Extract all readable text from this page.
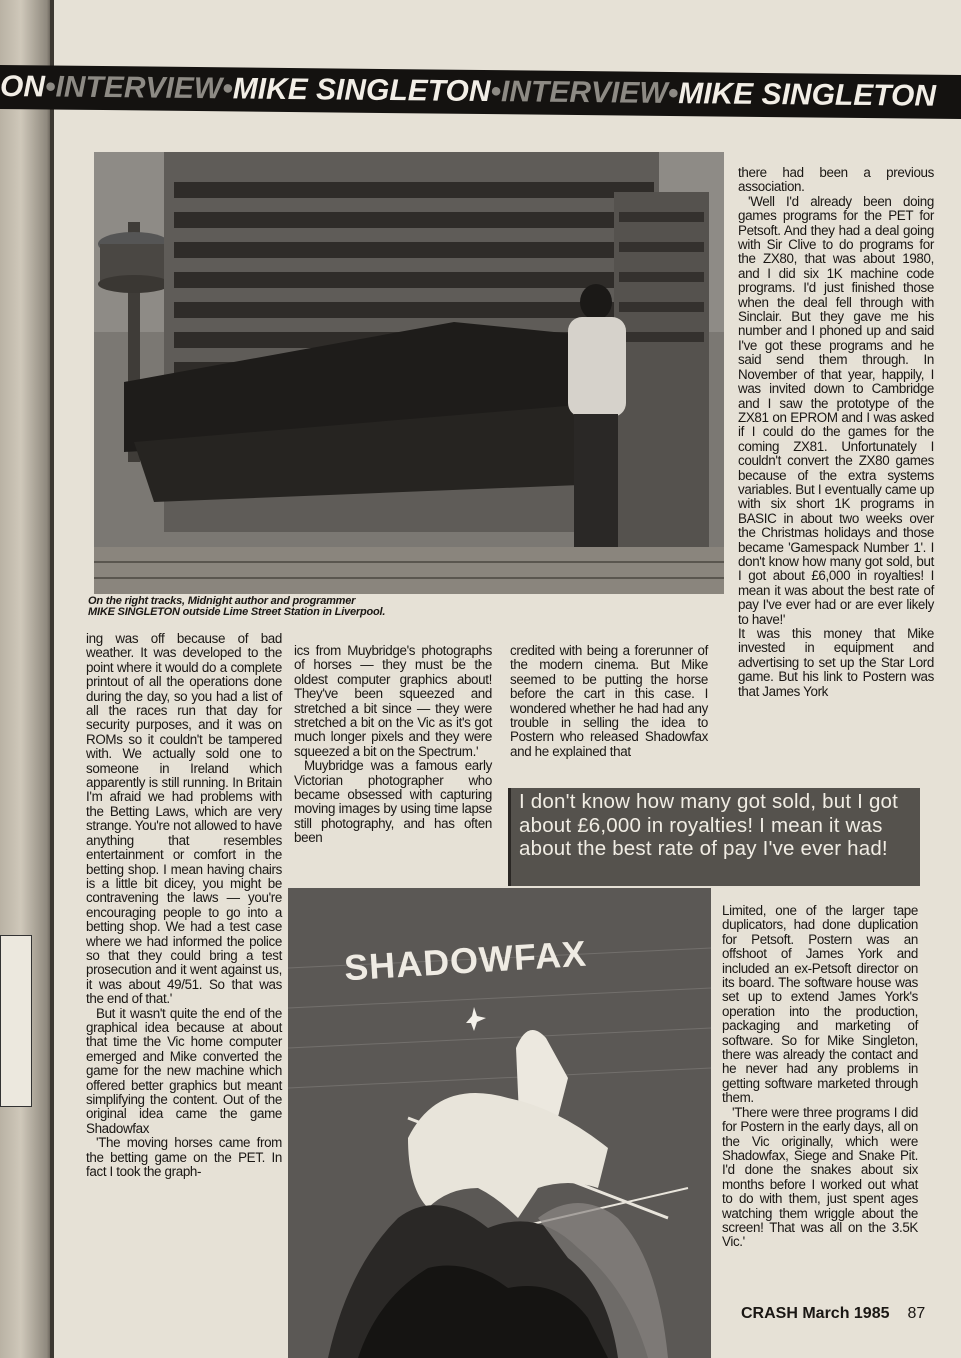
ON•INTERVIEW•MIKE SINGLETON•INTERVIEW•MIKE SINGLETON
On the right tracks, Midnight author and programmer
MIKE SINGLETON outside Lime Street Station in Liverpool.

ing was off because of bad weather. It was developed to the point where it would do a complete printout of all the operations done during the day, so you had a list of all the races run that day for security purposes, and it was on ROMs so it couldn't be tampered with. We actually sold one to someone in Ireland which apparently is still running. In Britain I'm afraid we had problems with the Betting Laws, which are very strange. You're not allowed to have anything that resembles entertainment or comfort in the betting shop. I mean having chairs is a little bit dicey, you might be contravening the laws — you're encouraging people to go into a betting shop. We had a test case where we had informed the police so that they could bring a test prosecution and it went against us, it was about 49/51. So that was the end of that.'

But it wasn't quite the end of the graphical idea because at about that time the Vic home computer emerged and Mike converted the game for the new machine which offered better graphics but meant simplifying the content. Out of the original idea came the game Shadowfax

'The moving horses came from the betting game on the PET. In fact I took the graph-

ics from Muybridge's photographs of horses — they must be the oldest computer graphics about! They've been squeezed and stretched a bit since — they were stretched a bit on the Vic as it's got much longer pixels and they were squeezed a bit on the Spectrum.'

Muybridge was a famous early Victorian photographer who became obsessed with capturing moving images by using time lapse still photography, and has often been

credited with being a forerunner of the modern cinema. But Mike seemed to be putting the horse before the cart in this case. I wondered whether he had had any trouble in selling the idea to Postern who released Shadowfax and he explained that

there had been a previous association.

'Well I'd already been doing games programs for the PET for Petsoft. And they had a deal going with Sir Clive to do programs for the ZX80, that was about 1980, and I did six 1K machine code programs. I'd just finished those when the deal fell through with Sinclair. But they gave me his number and I phoned up and said I've got these programs and he said send them through. In November of that year, happily, I was invited down to Cambridge and I saw the prototype of the ZX81 on EPROM and I was asked if I could do the games for the coming ZX81. Unfortunately I couldn't convert the ZX80 games because of the extra systems variables. But I eventually came up with six short 1K programs in BASIC in about two weeks over the Christmas holidays and those became 'Gamespack Number 1'. I don't know how many got sold, but I got about £6,000 in royalties! I mean it was about the best rate of pay I've ever had or are ever likely to have!'

It was this money that Mike invested in equipment and advertising to set up the Star Lord game. But his link to Postern was that James York

I don't know how many got sold, but I got about £6,000 in royalties! I mean it was about the best rate of pay I've ever had!
SHADOWFAX

Limited, one of the larger tape duplicators, had done duplication for Petsoft. Postern was an offshoot of James York and included an ex-Petsoft director on its board. The software house was set up to extend James York's operation into the production, packaging and marketing of software. So for Mike Singleton, there was already the contact and he never had any problems in getting software marketed through them.

'There were three programs I did for Postern in the early days, all on the Vic originally, which were Shadowfax, Siege and Snake Pit. I'd done the snakes about six months before I worked out what to do with them, just spent ages watching them wriggle about the screen! That was all on the 3.5K Vic.'

CRASH March 1985 87
